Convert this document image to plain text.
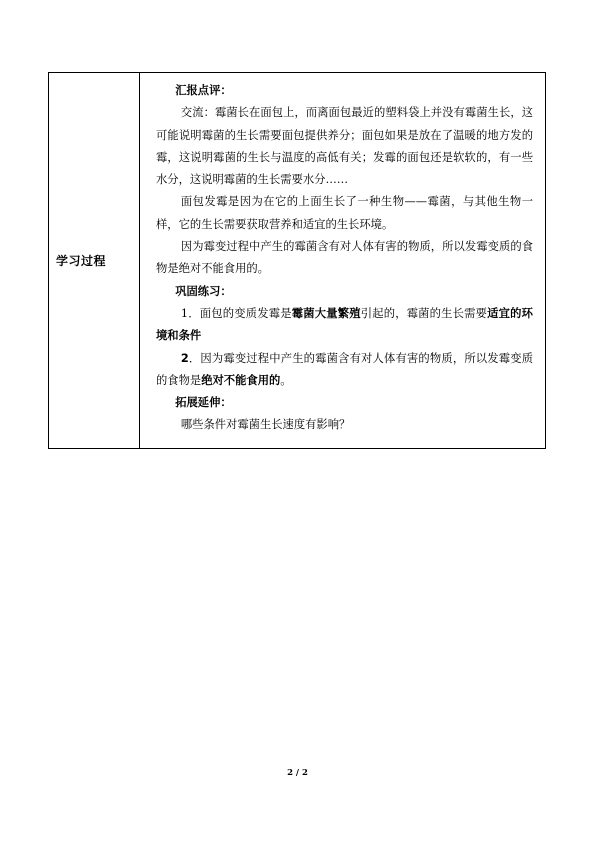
学习过程

汇报点评：

交流：霉菌长在面包上，而离面包最近的塑料袋上并没有霉菌生长，这可能说明霉菌的生长需要面包提供养分；面包如果是放在了温暖的地方发的霉，这说明霉菌的生长与温度的高低有关；发霉的面包还是软软的，有一些水分，这说明霉菌的生长需要水分……

面包发霉是因为在它的上面生长了一种生物——霉菌，与其他生物一样，它的生长需要获取营养和适宜的生长环境。

因为霉变过程中产生的霉菌含有对人体有害的物质，所以发霉变质的食物是绝对不能食用的。

巩固练习：

1．面包的变质发霉是霉菌大量繁殖引起的，霉菌的生长需要适宜的环境和条件

2．因为霉变过程中产生的霉菌含有对人体有害的物质，所以发霉变质的食物是绝对不能食用的。

拓展延伸：

哪些条件对霉菌生长速度有影响？

2 / 2
